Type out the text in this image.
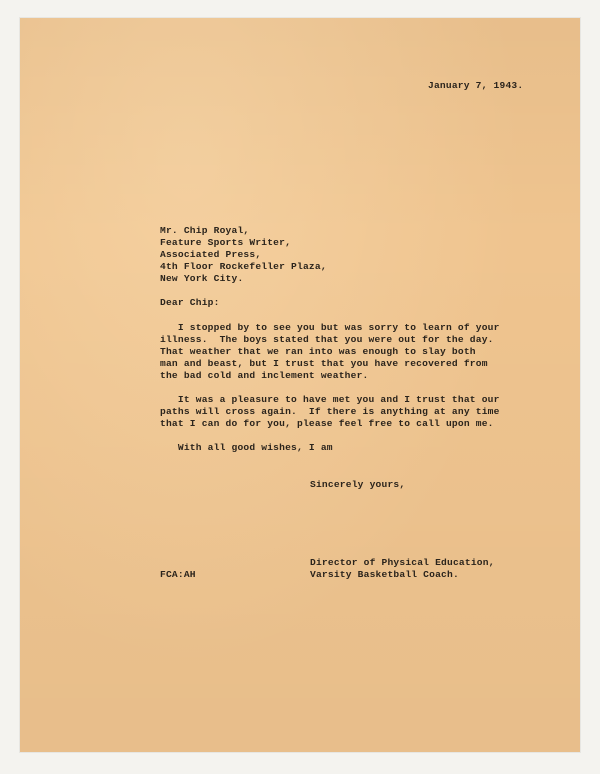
January 7, 1943.
Mr. Chip Royal,
Feature Sports Writer,
Associated Press,
4th Floor Rockefeller Plaza,
New York City.
Dear Chip:
I stopped by to see you but was sorry to learn of your
illness.  The boys stated that you were out for the day.
That weather that we ran into was enough to slay both
man and beast, but I trust that you have recovered from
the bad cold and inclement weather.
It was a pleasure to have met you and I trust that our
paths will cross again.  If there is anything at any time
that I can do for you, please feel free to call upon me.
With all good wishes, I am
Sincerely yours,
Director of Physical Education,
Varsity Basketball Coach.
FCA:AH
